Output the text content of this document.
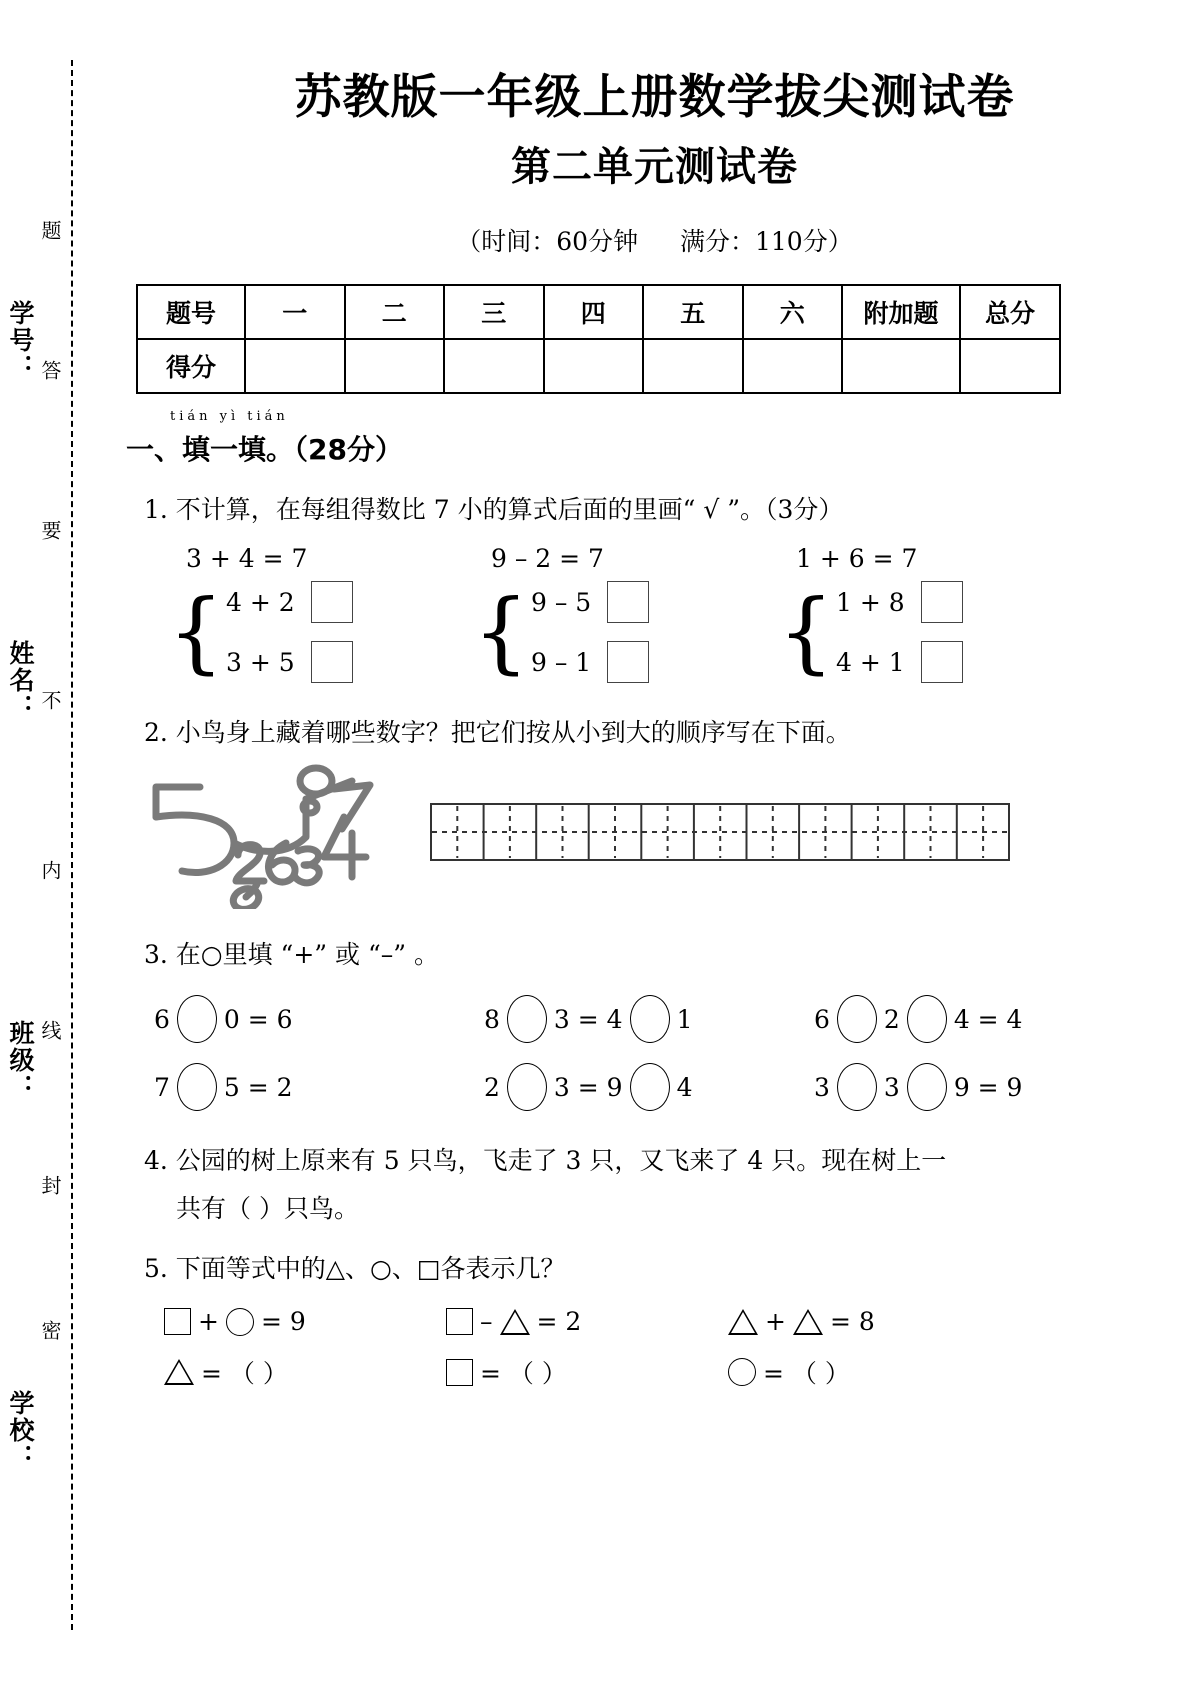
题
答
要
不
内
线
封
密
学号：
姓名：
班级：
学校：
苏教版一年级上册数学拔尖测试卷
第二单元测试卷
（时间：60分钟 满分：110分）
题号	一	二	三	四	五	六	附加题	总分
得分								
tián yì tián
一、填一填。（28分）
1. 不计算，在每组得数比 7 小的算式后面的里画“ √ ”。（3分）
3 + 4 = 7
{ 4 + 2
3 + 5
9 – 2 = 7
{ 9 – 5
9 – 1
1 + 6 = 7
{ 1 + 8
4 + 1
2. 小鸟身上藏着哪些数字？把它们按从小到大的顺序写在下面。
3. 在○里填 “+” 或 “–” 。
6 0 = 6	8 3 = 4 1	6 2 4 = 4
7 5 = 2	2 3 = 9 4	3 3 9 = 9
4. 公园的树上原来有 5 只鸟，飞走了 3 只，又飞来了 4 只。现在树上一
共有（ ）只鸟。
5. 下面等式中的△、○、□各表示几？
+ = 9	– = 2	+ = 8
= （ ）	= （ ）	= （ ）
